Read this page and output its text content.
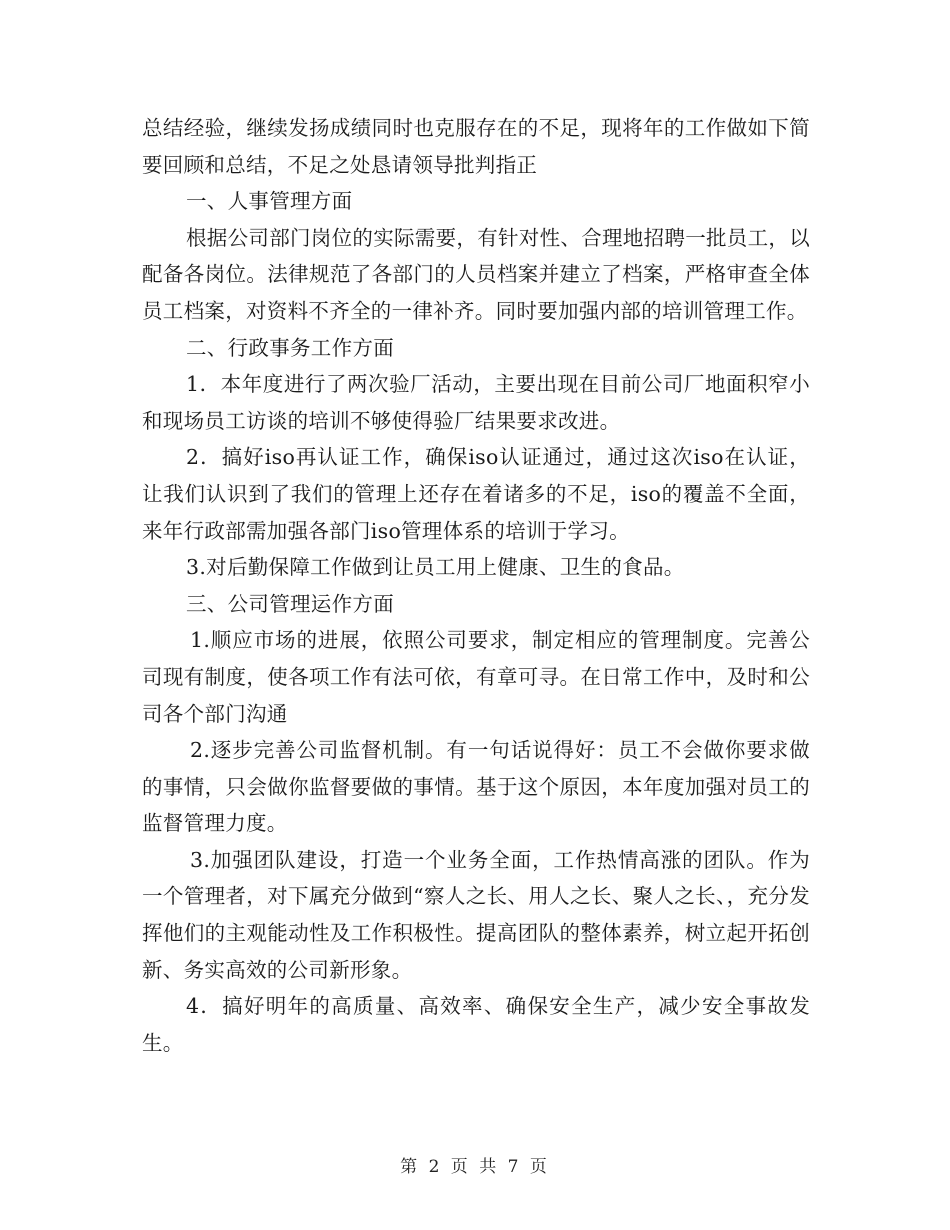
总结经验，继续发扬成绩同时也克服存在的不足，现将年的工作做如下简要回顾和总结，不足之处恳请领导批判指正

一、人事管理方面

根据公司部门岗位的实际需要，有针对性、合理地招聘一批员工，以配备各岗位。法律规范了各部门的人员档案并建立了档案，严格审查全体员工档案，对资料不齐全的一律补齐。同时要加强内部的培训管理工作。

二、行政事务工作方面

1．本年度进行了两次验厂活动，主要出现在目前公司厂地面积窄小和现场员工访谈的培训不够使得验厂结果要求改进。

2．搞好iso再认证工作，确保iso认证通过，通过这次iso在认证，让我们认识到了我们的管理上还存在着诸多的不足，iso的覆盖不全面，来年行政部需加强各部门iso管理体系的培训于学习。

3.对后勤保障工作做到让员工用上健康、卫生的食品。

三、公司管理运作方面

1.顺应市场的进展，依照公司要求，制定相应的管理制度。完善公司现有制度，使各项工作有法可依，有章可寻。在日常工作中，及时和公司各个部门沟通

2.逐步完善公司监督机制。有一句话说得好：员工不会做你要求做的事情，只会做你监督要做的事情。基于这个原因，本年度加强对员工的监督管理力度。

3.加强团队建设，打造一个业务全面，工作热情高涨的团队。作为一个管理者，对下属充分做到“察人之长、用人之长、聚人之长、，充分发挥他们的主观能动性及工作积极性。提高团队的整体素养，树立起开拓创新、务实高效的公司新形象。

4．搞好明年的高质量、高效率、确保安全生产，减少安全事故发生。

第 2 页 共 7 页
